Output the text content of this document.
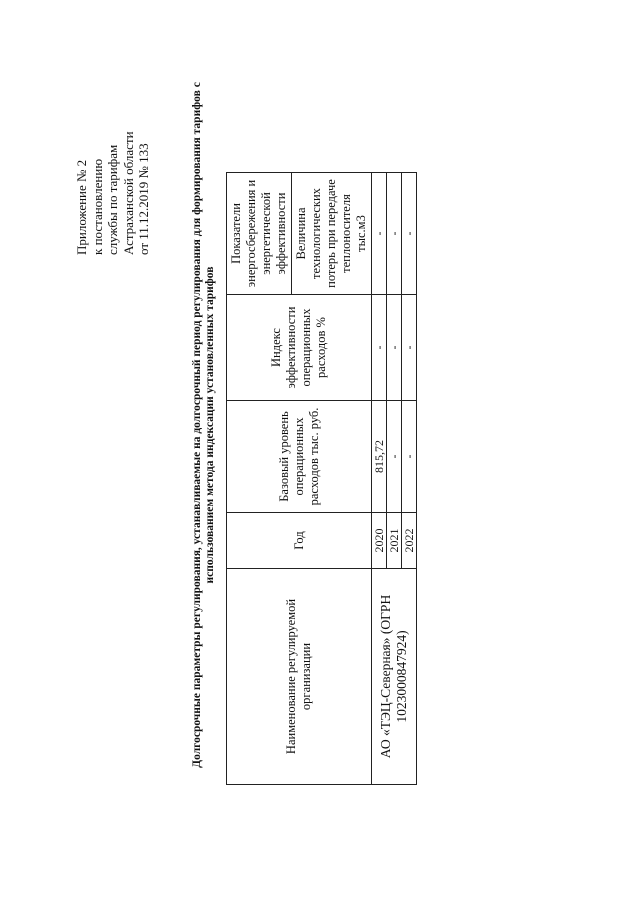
Приложение № 2 к постановлению службы по тарифам Астраханской области от 11.12.2019 № 133	Долгосрочные параметры регулирования, устанавливаемые на долгосрочный период регулирования для формирования тарифов с использованием метода индексации установленных тарифов
Наименование регулируемой организации	Год	Базовый уровень операционных расходов тыс. руб.	Индекс эффективности операционных расходов %	Показатели энергосбережения и энергетической эффективности
				Величина технологических потерь при передаче теплоносителя тыс.м3
АО «ТЭЦ-Северная» (ОГРН 1023000847924)	2020	815,72	-	-
	2021	-	-	-
	2022	-	-	-
